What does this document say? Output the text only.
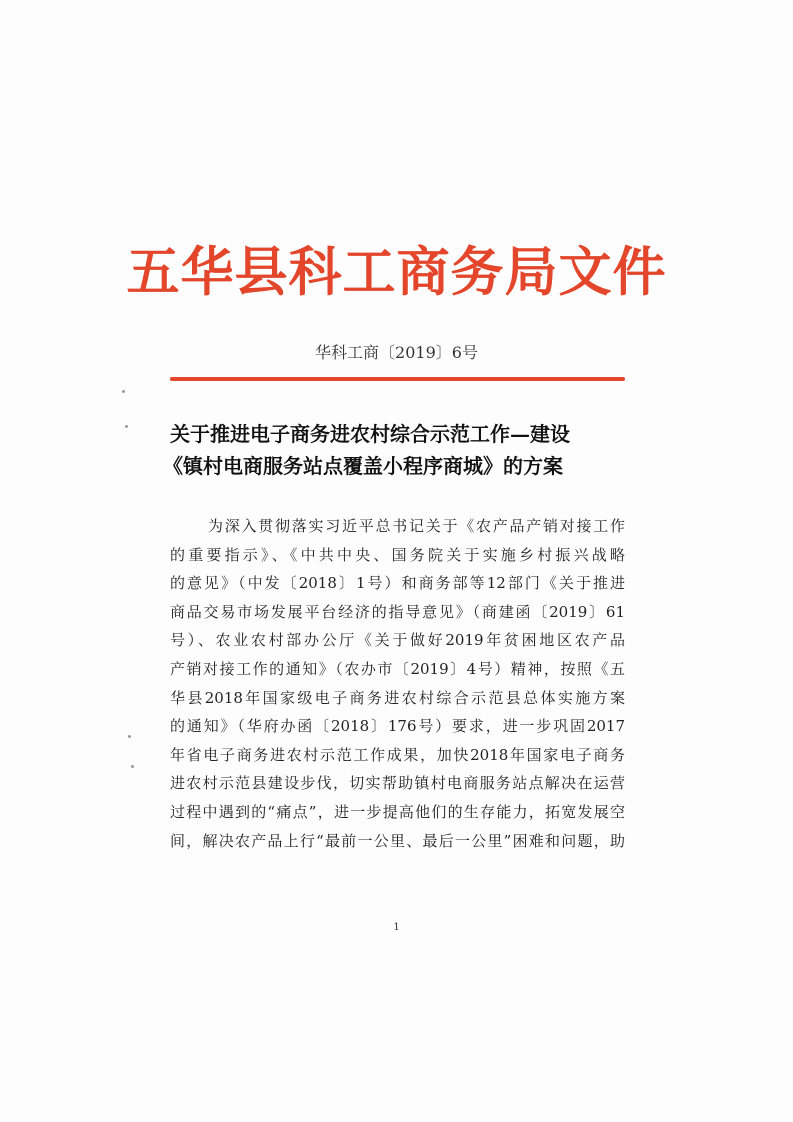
五华县科工商务局文件
华科工商〔2019〕6号
关于推进电子商务进农村综合示范工作—建设
《镇村电商服务站点覆盖小程序商城》的方案
为深入贯彻落实习近平总书记关于《农产品产销对接工作
的重要指示》、《中共中央、国务院关于实施乡村振兴战略
的意见》（中发〔2018〕1号）和商务部等12部门《关于推进
商品交易市场发展平台经济的指导意见》（商建函〔2019〕61
号）、农业农村部办公厅《关于做好2019年贫困地区农产品
产销对接工作的通知》（农办市〔2019〕4号）精神，按照《五
华县2018年国家级电子商务进农村综合示范县总体实施方案
的通知》（华府办函〔2018〕176号）要求，进一步巩固2017
年省电子商务进农村示范工作成果，加快2018年国家电子商务
进农村示范县建设步伐，切实帮助镇村电商服务站点解决在运营
过程中遇到的“痛点”，进一步提高他们的生存能力，拓宽发展空
间，解决农产品上行“最前一公里、最后一公里”困难和问题，助
1
